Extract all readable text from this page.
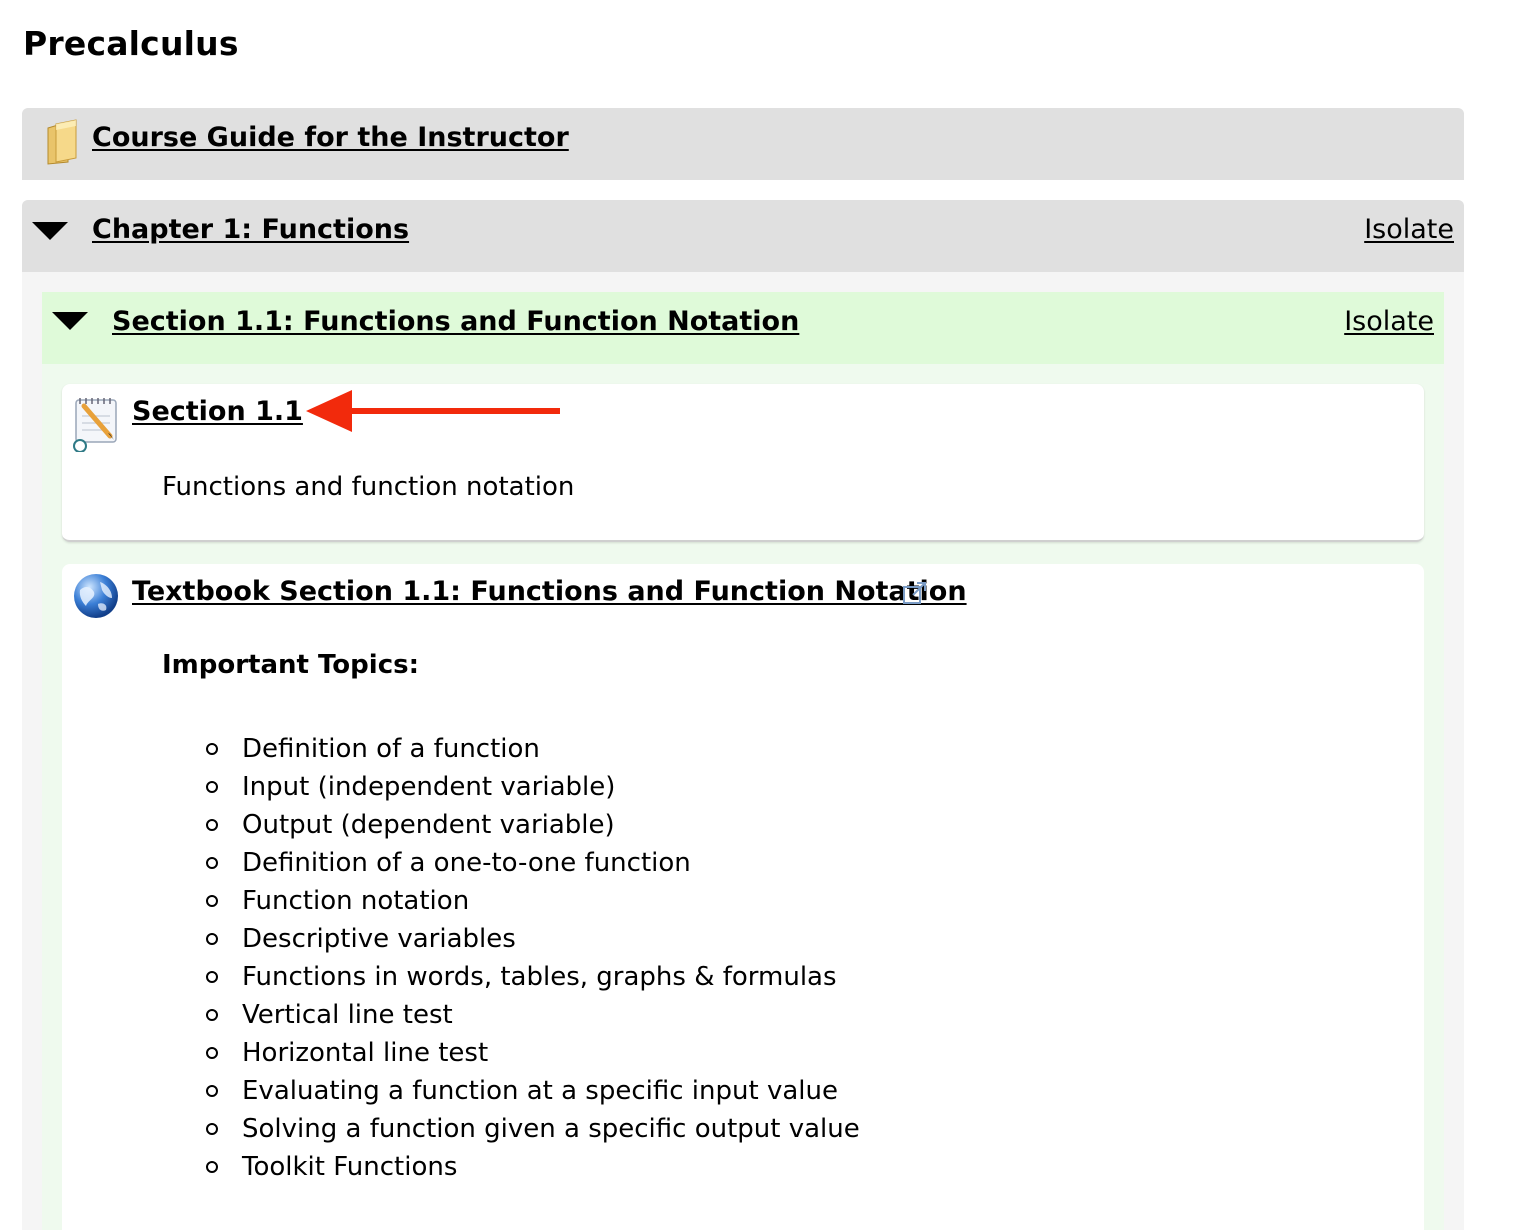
Precalculus
Course Guide for the Instructor
Chapter 1: Functions	Isolate
Section 1.1: Functions and Function Notation	Isolate
Section 1.1
Functions and function notation
Textbook Section 1.1: Functions and Function Notation
Important Topics:
Definition of a function
Input (independent variable)
Output (dependent variable)
Definition of a one-to-one function
Function notation
Descriptive variables
Functions in words, tables, graphs & formulas
Vertical line test
Horizontal line test
Evaluating a function at a specific input value
Solving a function given a specific output value
Toolkit Functions
